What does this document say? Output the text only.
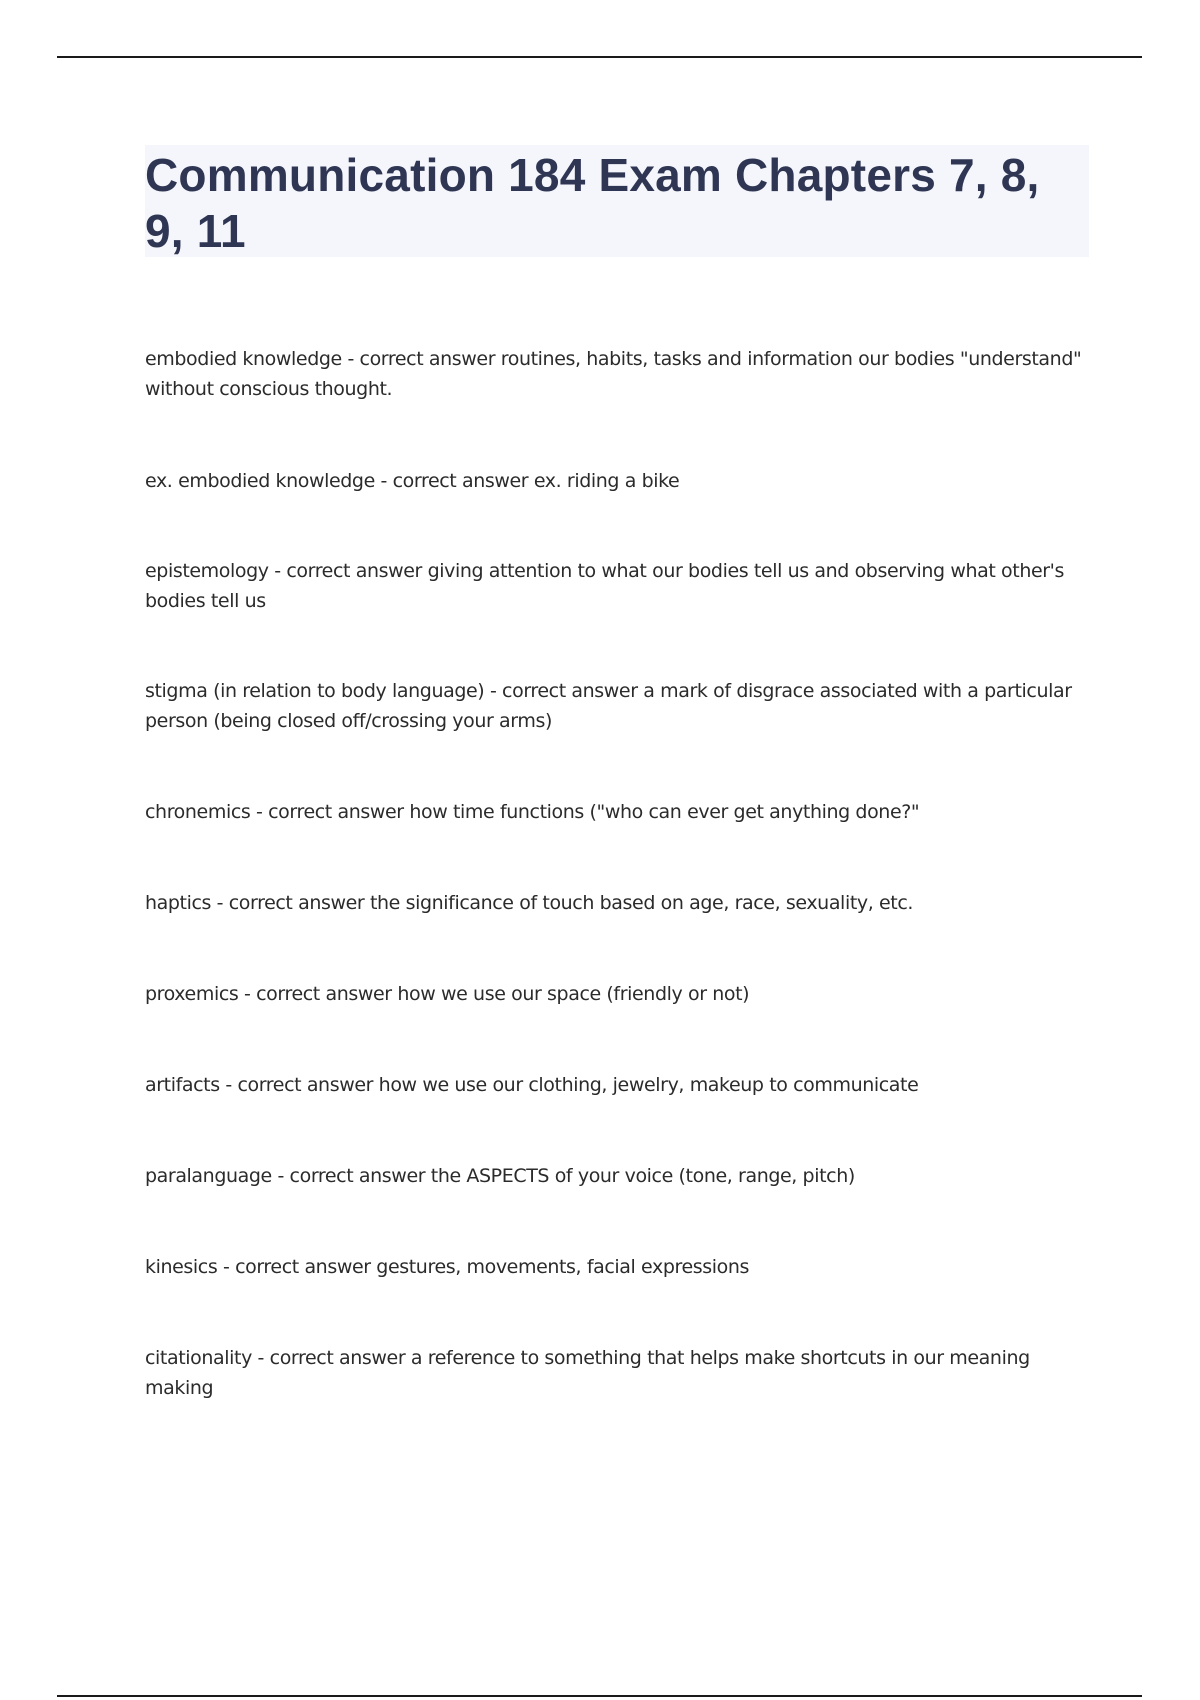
Communication 184 Exam Chapters 7, 8, 9, 11

embodied knowledge - correct answer routines, habits, tasks and information our bodies "understand" without conscious thought.

ex. embodied knowledge - correct answer ex. riding a bike

epistemology - correct answer giving attention to what our bodies tell us and observing what other's bodies tell us

stigma (in relation to body language) - correct answer a mark of disgrace associated with a particular person (being closed off/crossing your arms)

chronemics - correct answer how time functions ("who can ever get anything done?"

haptics - correct answer the significance of touch based on age, race, sexuality, etc.

proxemics - correct answer how we use our space (friendly or not)

artifacts - correct answer how we use our clothing, jewelry, makeup to communicate

paralanguage - correct answer the ASPECTS of your voice (tone, range, pitch)

kinesics - correct answer gestures, movements, facial expressions

citationality - correct answer a reference to something that helps make shortcuts in our meaning making
